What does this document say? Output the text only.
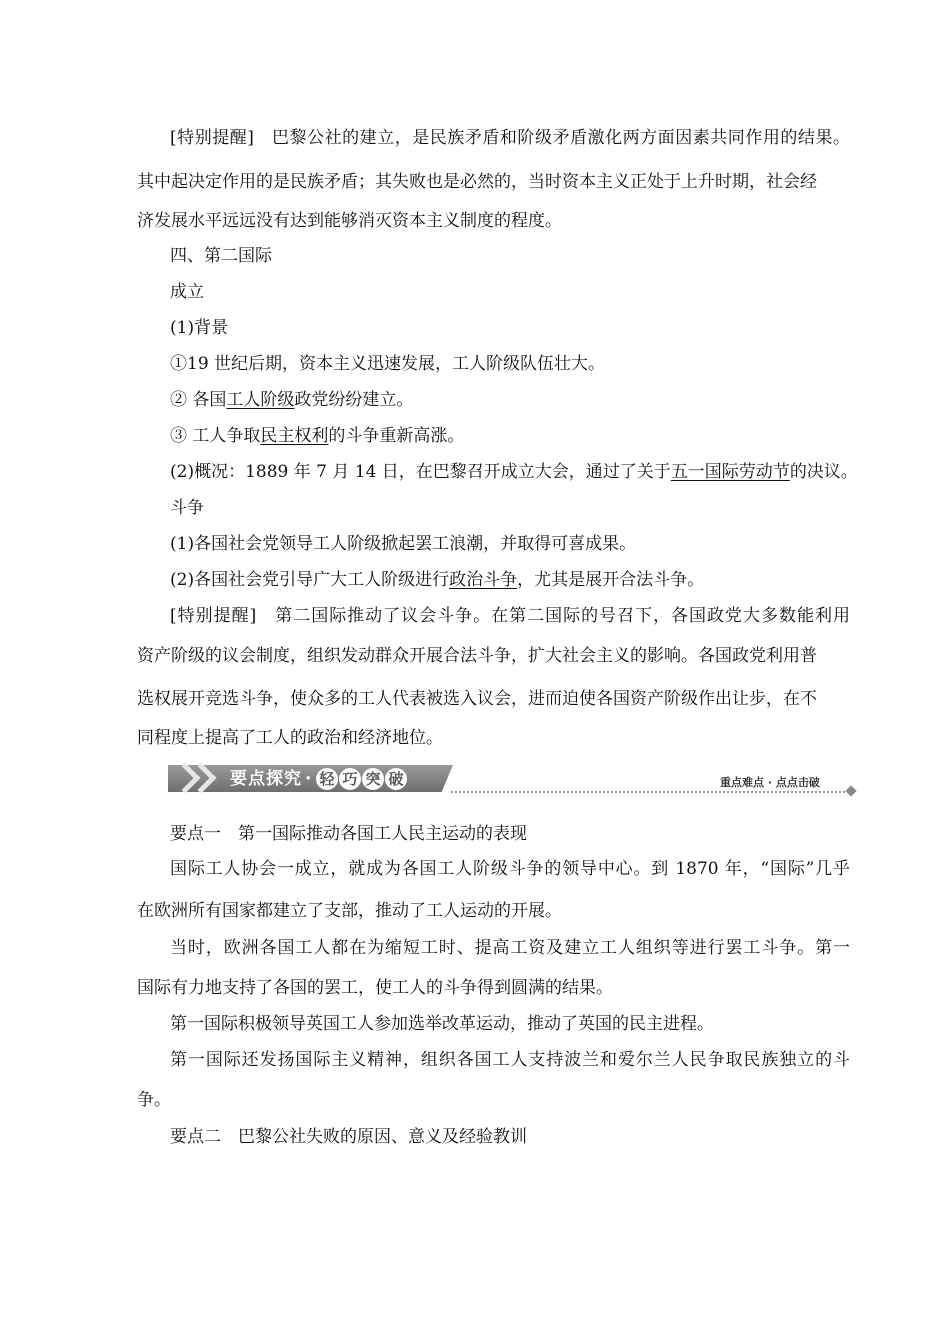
[特别提醒]　巴黎公社的建立，是民族矛盾和阶级矛盾激化两方面因素共同作用的结果。
其中起决定作用的是民族矛盾；其失败也是必然的，当时资本主义正处于上升时期，社会经
济发展水平远远没有达到能够消灭资本主义制度的程度。
四、第二国际
成立
(1)背景
①19 世纪后期，资本主义迅速发展，工人阶级队伍壮大。
② 各国工人阶级政党纷纷建立。
③ 工人争取民主权利的斗争重新高涨。
(2)概况：1889 年 7 月 14 日，在巴黎召开成立大会，通过了关于五一国际劳动节的决议。
斗争
(1)各国社会党领导工人阶级掀起罢工浪潮，并取得可喜成果。
(2)各国社会党引导广大工人阶级进行政治斗争，尤其是展开合法斗争。
[特别提醒]　第二国际推动了议会斗争。在第二国际的号召下，各国政党大多数能利用
资产阶级的议会制度，组织发动群众开展合法斗争，扩大社会主义的影响。各国政党利用普
选权展开竞选斗争，使众多的工人代表被选入议会，进而迫使各国资产阶级作出让步，在不
同程度上提高了工人的政治和经济地位。
要点探究 · 轻 巧 突 破	重点难点 · 点点击破
要点一　第一国际推动各国工人民主运动的表现
国际工人协会一成立，就成为各国工人阶级斗争的领导中心。到 1870 年，“国际”几乎
在欧洲所有国家都建立了支部，推动了工人运动的开展。
当时，欧洲各国工人都在为缩短工时、提高工资及建立工人组织等进行罢工斗争。第一
国际有力地支持了各国的罢工，使工人的斗争得到圆满的结果。
第一国际积极领导英国工人参加选举改革运动，推动了英国的民主进程。
第一国际还发扬国际主义精神，组织各国工人支持波兰和爱尔兰人民争取民族独立的斗
争。
要点二　巴黎公社失败的原因、意义及经验教训
